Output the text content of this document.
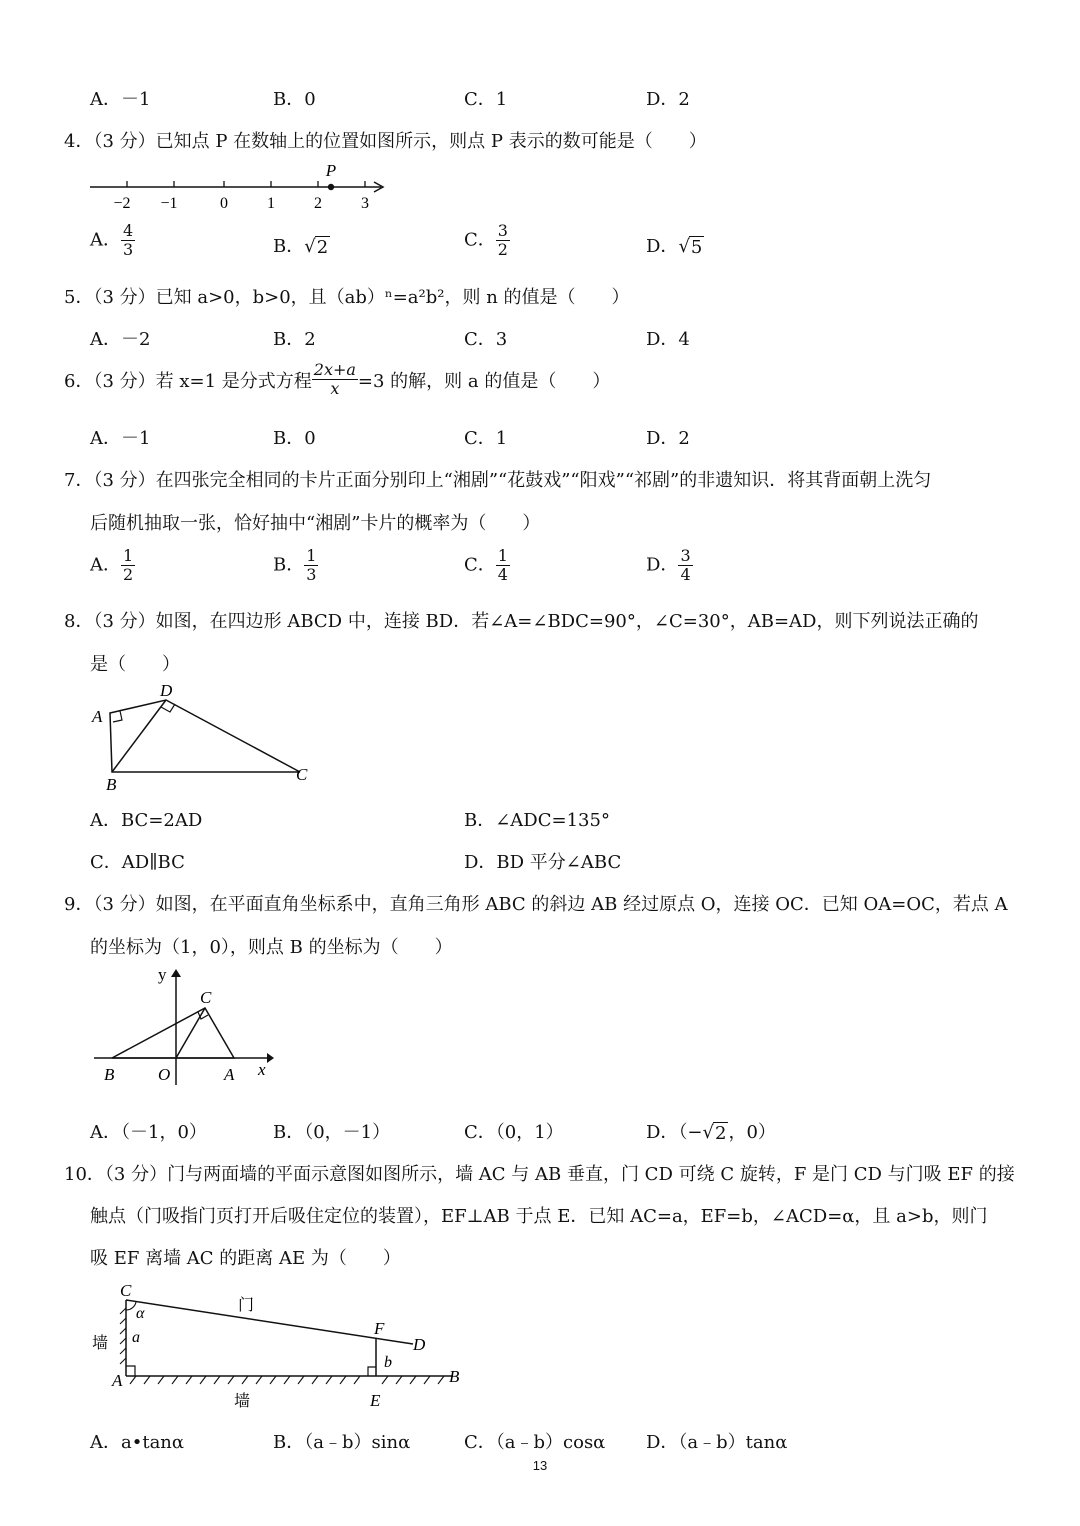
A．－1	B．0	C．1	D．2
4．（3 分）已知点 P 在数轴上的位置如图所示，则点 P 表示的数可能是（　　）
P
−2 −1	0 1 2 3
A． $\frac{4}{3}$	B． √ 2	C． $\frac{3}{2}$	D． √ 5
5．（3 分）已知 a>0，b>0，且（ab）ⁿ=a²b²，则 n 的值是（　　）
A．－2	B．2	C．3	D．4
6．（3 分）若 x=1 是分式方程 $\frac{2x+a}{x} =3$ 的解，则 a 的值是（　　）
A．－1	B．0	C．1	D．2
7．（3 分）在四张完全相同的卡片正面分别印上“湘剧”“花鼓戏”“阳戏”“祁剧”的非遗知识．将其背面朝上洗匀
后随机抽取一张，恰好抽中“湘剧”卡片的概率为（　　）
A． $\frac{1}{2}$	B． $\frac{1}{3}$	C． $\frac{1}{4}$	D． $\frac{3}{4}$
8．（3 分）如图，在四边形 ABCD 中，连接 BD．若∠A=∠BDC=90°，∠C=30°，AB=AD，则下列说法正确的
是（　　）
A
D
B
C
A．BC=2AD	B．∠ADC=135°
C．AD∥BC	D．BD 平分∠ABC
9．（3 分）如图，在平面直角坐标系中，直角三角形 ABC 的斜边 AB 经过原点 O，连接 OC．已知 OA=OC，若点 A
的坐标为（1，0），则点 B 的坐标为（　　）
y
x
C
B	O	A
A．（－1，0）	B．（0，－1）	C．（0，1）	D．（− √ 2 ，0）
10．（3 分）门与两面墙的平面示意图如图所示，墙 AC 与 AB 垂直，门 CD 可绕 C 旋转，F 是门 CD 与门吸 EF 的接
触点（门吸指门页打开后吸住定位的装置），EF⊥AB 于点 E．已知 AC=a，EF=b，∠ACD=α，且 a>b，则门
吸 EF 离墙 AC 的距离 AE 为（　　）
C
α	门
F
D
墙 a
b
A
E
B
墙
A．a•tanα	B．（a﹣b）sinα	C．（a﹣b）cosα D．（a﹣b）tanα
13
